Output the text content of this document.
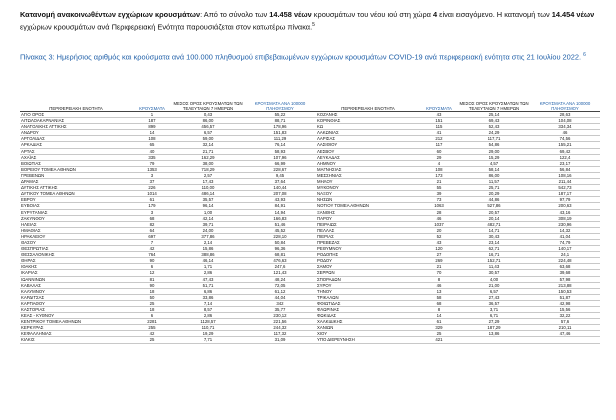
Κατανομή ανακοινωθέντων εγχώριων κρουσμάτων: Από το σύνολο των 14.458 νέων κρουσμάτων του νέου ιού στη χώρα 4 είναι εισαγόμενο. Η κατανομή των 14.454 νέων εγχώριων κρουσμάτων ανά Περιφερειακή Ενότητα παρουσιάζεται στον κατωτέρω πίνακα.$^5$
Πίνακας 3: Ημερήσιος αριθμός και κρούσματα ανά 100.000 πληθυσμού επιβεβαιωμένων εγχώριων κρουσμάτων COVID-19 ανά περιφερειακή ενότητα στις 21 Ιουλίου 2022. $^6$
ΠΕΡΙΦΕΡΕΙΑΚΗ ΕΝΟΤΗΤΑ	ΚΡΟΥΣΜΑΤΑ	ΜΕΣΟΣ ΟΡΟΣ ΚΡΟΥΣΜΑΤΩΝ ΤΩΝ ΤΕΛΕΥΤΑΙΩΝ 7 ΗΜΕΡΩΝ	ΚΡΟΥΣΜΑΤΑ ΑΝΑ 100000 ΠΛΗΘΥΣΜΟΥ
ΑΓΙΟ ΟΡΟΣ	1	0,43	55,22
ΑΙΤΩΛΟΑΚΑΡΝΑΝΙΑΣ	187	86,00	88,71
ΑΝΑΤΟΛΙΚΗΣ ΑΤΤΙΚΗΣ	899	456,57	178,96
ΑΝΔΡΟΥ	14	6,57	151,83
ΑΡΓΟΛΙΔΑΣ	108	59,00	111,29
ΑΡΚΑΔΙΑΣ	65	32,14	76,14
ΑΡΤΑΣ	40	21,71	58,93
ΑΧΑΪΑΣ	335	162,29	107,96
ΒΟΙΩΤΙΑΣ	79	38,00	66,99
ΒΟΡΕΙΟΥ ΤΟΜΕΑ ΑΘΗΝΩΝ	1353	718,29	228,67
ΓΡΕΒΕΝΩΝ	3	2,57	9,45
ΔΡΑΜΑΣ	37	17,43	37,64
ΔΥΤΙΚΗΣ ΑΤΤΙΚΗΣ	226	110,00	140,44
ΔΥΤΙΚΟΥ ΤΟΜΕΑ ΑΘΗΝΩΝ	1014	486,14	207,08
ΕΒΡΟΥ	61	35,57	43,93
ΕΥΒΟΙΑΣ	179	96,14	84,91
ΕΥΡΥΤΑΝΙΑΣ	3	1,00	14,94
ΖΑΚΥΝΘΟΥ	68	42,14	166,83
ΗΛΕΙΑΣ	82	39,71	51,46
ΗΜΑΘΙΑΣ	64	24,00	45,52
ΗΡΑΚΛΕΙΟΥ	697	377,86	228,10
ΘΑΣΟΥ	7	2,14	50,84
ΘΕΣΠΡΩΤΙΑΣ	42	15,86	96,36
ΘΕΣΣΑΛΟΝΙΚΗΣ	764	388,86	68,81
ΘΗΡΑΣ	90	46,14	476,63
ΙΘΑΚΗΣ	6	1,71	247,6
ΙΚΑΡΙΑΣ	12	2,86	121,43
ΙΩΑΝΝΙΝΩΝ	81	47,43	48,24
ΚΑΒΑΛΑΣ	90	51,71	72,05
ΚΑΛΥΜΝΟΥ	18	6,86	61,12
ΚΑΡΔΙΤΣΑΣ	50	33,86	44,04
ΚΑΡΠΑΘΟΥ	25	7,14	342
ΚΑΣΤΟΡΙΑΣ	18	8,57	35,77
ΚΕΑΣ - ΚΥΘΝΟΥ	6	2,86	230,12
ΚΕΝΤΡΙΚΟΥ ΤΟΜΕΑ ΑΘΗΝΩΝ	2281	1128,57	221,56
ΚΕΡΚΥΡΑΣ	255	110,71	244,32
ΚΕΦΑΛΛΗΝΙΑΣ	42	19,29	117,32
ΚΙΛΚΙΣ	25	7,71	31,09
ΠΕΡΙΦΕΡΕΙΑΚΗ ΕΝΟΤΗΤΑ	ΚΡΟΥΣΜΑΤΑ	ΜΕΣΟΣ ΟΡΟΣ ΚΡΟΥΣΜΑΤΩΝ ΤΩΝ ΤΕΛΕΥΤΑΙΩΝ 7 ΗΜΕΡΩΝ	ΚΡΟΥΣΜΑΤΑ ΑΝΑ 100000 ΠΛΗΘΥΣΜΟΥ
ΚΟΖΑΝΗΣ	43	25,14	28,63
ΚΟΡΙΝΘΙΑΣ	151	69,43	104,08
ΚΩ	115	52,43	334,34
ΛΑΚΩΝΙΑΣ	41	24,29	46
ΛΑΡΙΣΑΣ	212	117,71	74,56
ΛΑΣΙΘΙΟΥ	117	54,86	155,21
ΛΕΣΒΟΥ	60	29,00	69,42
ΛΕΥΚΑΔΑΣ	29	15,29	122,4
ΛΗΜΝΟΥ	4	4,57	23,17
ΜΑΓΝΗΣΙΑΣ	108	58,14	56,84
ΜΕΣΣΗΝΙΑΣ	173	86,00	108,16
ΜΗΛΟΥ	21	11,57	211,44
ΜΥΚΟΝΟΥ	55	25,71	542,73
ΝΑΞΟΥ	39	20,29	187,17
ΝΗΣΩΝ	73	44,86	97,79
ΝΟΤΙΟΥ ΤΟΜΕΑ ΑΘΗΝΩΝ	1063	527,86	200,63
ΞΑΝΘΗΣ	28	20,57	43,16
ΠΑΡΟΥ	46	20,14	308,19
ΠΕΙΡΑΙΩΣ	1037	482,71	230,96
ΠΕΛΛΑΣ	20	14,71	14,32
ΠΙΕΡΙΑΣ	52	30,43	41,04
ΠΡΕΒΕΖΑΣ	43	23,14	74,79
ΡΕΘΥΜΝΟΥ	120	62,71	140,17
ΡΟΔΟΠΗΣ	27	16,71	24,1
ΡΟΔΟΥ	269	152,71	224,48
ΣΑΜΟΥ	21	11,43	63,68
ΣΕΡΡΩΝ	70	30,57	39,68
ΣΠΟΡΑΔΩΝ	8	4,00	57,98
ΣΥΡΟΥ	46	21,00	213,88
ΤΗΝΟΥ	13	6,57	150,53
ΤΡΙΚΑΛΩΝ	58	27,43	51,87
ΦΘΙΩΤΙΔΑΣ	68	36,57	42,98
ΦΛΩΡΙΝΑΣ	8	3,71	15,56
ΦΩΚΙΔΑΣ	14	6,71	32,22
ΧΑΛΚΙΔΙΚΗΣ	61	27,29	57,6
ΧΑΝΙΩΝ	329	187,29	210,11
ΧΙΟΥ	25	13,86	47,46
ΥΠΟ ΔΙΕΡΕΥΝΗΣΗ	421		
